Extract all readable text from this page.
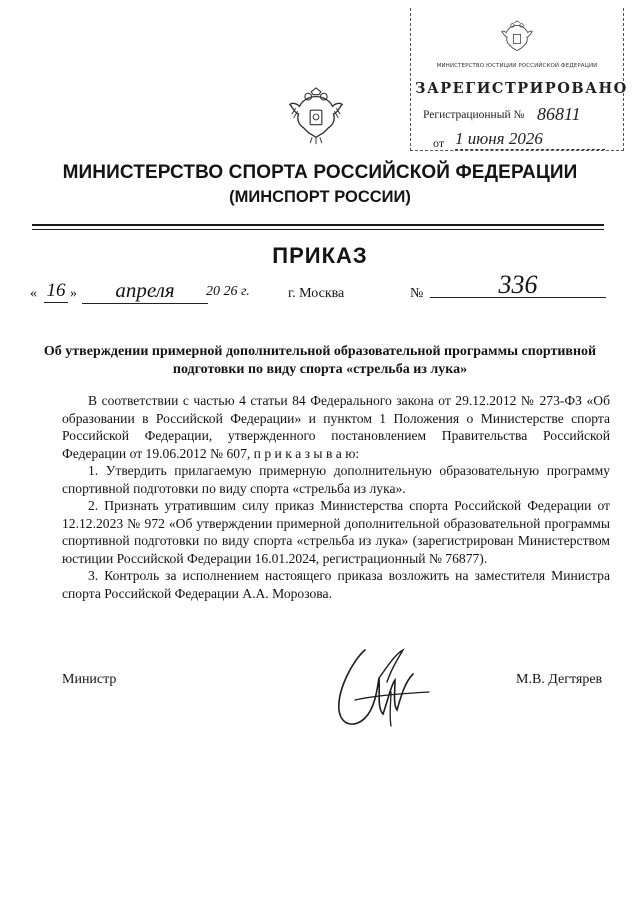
МИНИСТЕРСТВО ЮСТИЦИИ РОССИЙСКОЙ ФЕДЕРАЦИИ
ЗАРЕГИСТРИРОВАНО
Регистрационный № 86811
от 1 июня 2026
МИНИСТЕРСТВО СПОРТА РОССИЙСКОЙ ФЕДЕРАЦИИ
(МИНСПОРТ РОССИИ)
ПРИКАЗ
« 16 »	апреля	20 26 г.	г. Москва	№	336
Об утверждении примерной дополнительной образовательной программы спортивной подготовки по виду спорта «стрельба из лука»

В соответствии с частью 4 статьи 84 Федерального закона от 29.12.2012 № 273-ФЗ «Об образовании в Российской Федерации» и пунктом 1 Положения о Министерстве спорта Российской Федерации, утвержденного постановлением Правительства Российской Федерации от 19.06.2012 № 607, п р и к а з ы в а ю:

1. Утвердить прилагаемую примерную дополнительную образовательную программу спортивной подготовки по виду спорта «стрельба из лука».

2. Признать утратившим силу приказ Министерства спорта Российской Федерации от 12.12.2023 № 972 «Об утверждении примерной дополнительной образовательной программы спортивной подготовки по виду спорта «стрельба из лука» (зарегистрирован Министерством юстиции Российской Федерации 16.01.2024, регистрационный № 76877).

3. Контроль за исполнением настоящего приказа возложить на заместителя Министра спорта Российской Федерации А.А. Морозова.

Министр	М.В. Дегтярев
